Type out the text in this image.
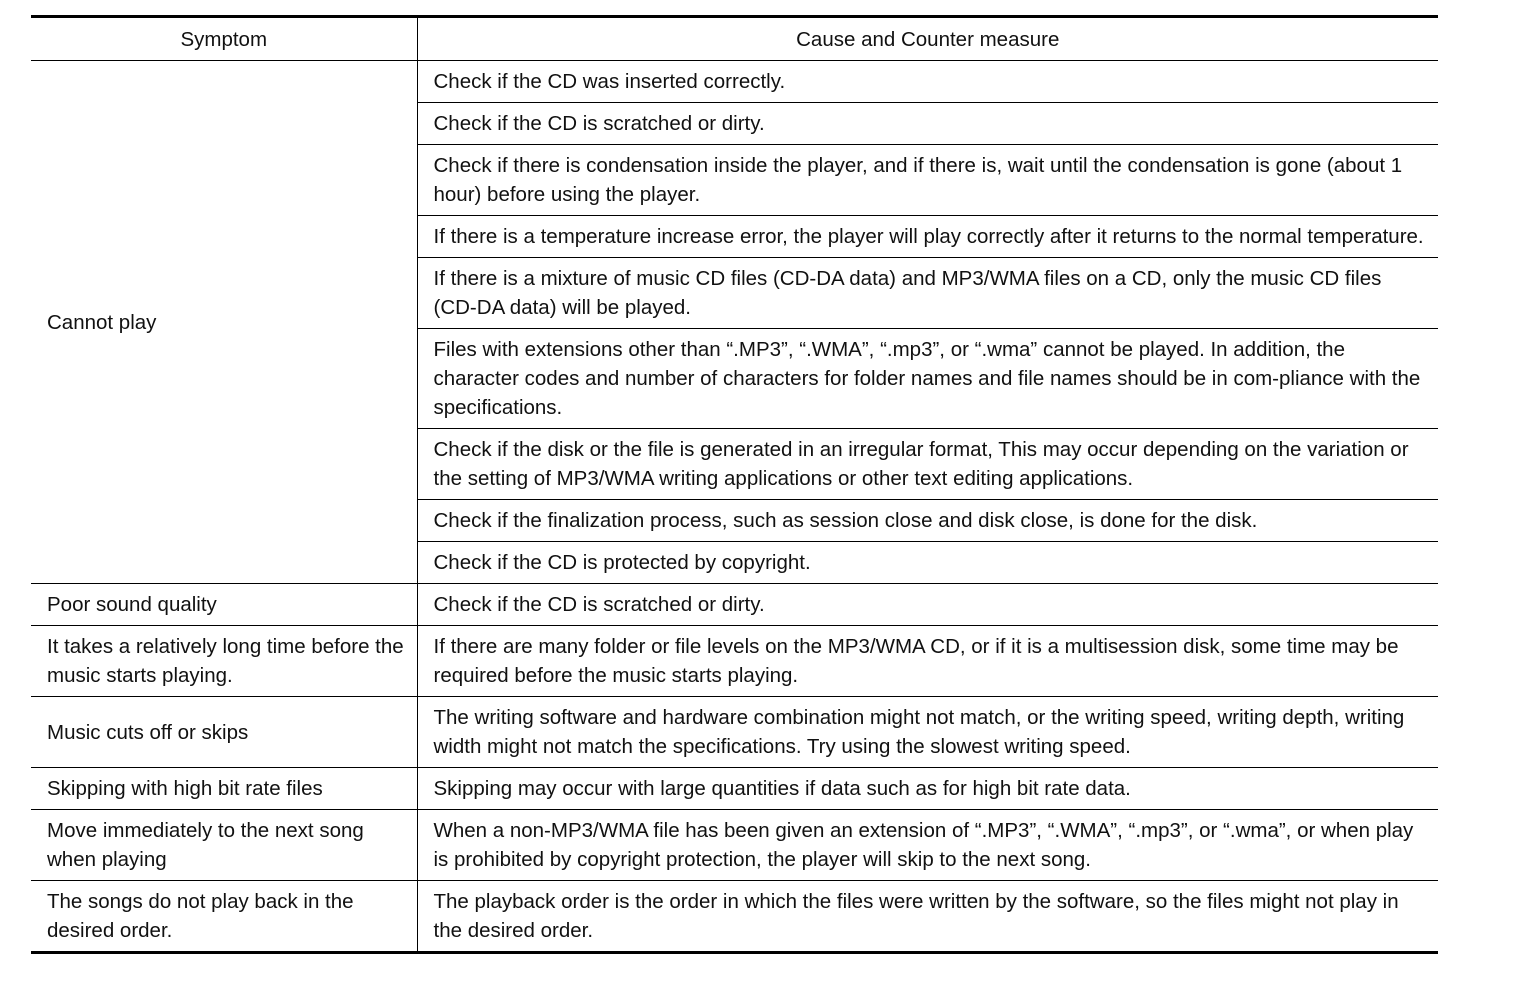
Symptom	Cause and Counter measure
Cannot play	Check if the CD was inserted correctly.
	Check if the CD is scratched or dirty.
	Check if there is condensation inside the player, and if there is, wait until the condensation is gone (about 1 hour) before using the player.
	If there is a temperature increase error, the player will play correctly after it returns to the normal temperature.
	If there is a mixture of music CD files (CD-DA data) and MP3/WMA files on a CD, only the music CD files (CD-DA data) will be played.
	Files with extensions other than “.MP3”, “.WMA”, “.mp3”, or “.wma” cannot be played. In addition, the character codes and number of characters for folder names and file names should be in com-pliance with the specifications.
	Check if the disk or the file is generated in an irregular format, This may occur depending on the variation or the setting of MP3/WMA writing applications or other text editing applications.
	Check if the finalization process, such as session close and disk close, is done for the disk.
	Check if the CD is protected by copyright.
Poor sound quality	Check if the CD is scratched or dirty.
It takes a relatively long time before the music starts playing.	If there are many folder or file levels on the MP3/WMA CD, or if it is a multisession disk, some time may be required before the music starts playing.
Music cuts off or skips	The writing software and hardware combination might not match, or the writing speed, writing depth, writing width might not match the specifications. Try using the slowest writing speed.
Skipping with high bit rate files	Skipping may occur with large quantities if data such as for high bit rate data.
Move immediately to the next song when playing	When a non-MP3/WMA file has been given an extension of “.MP3”, “.WMA”, “.mp3”, or “.wma”, or when play is prohibited by copyright protection, the player will skip to the next song.
The songs do not play back in the desired order.	The playback order is the order in which the files were written by the software, so the files might not play in the desired order.
